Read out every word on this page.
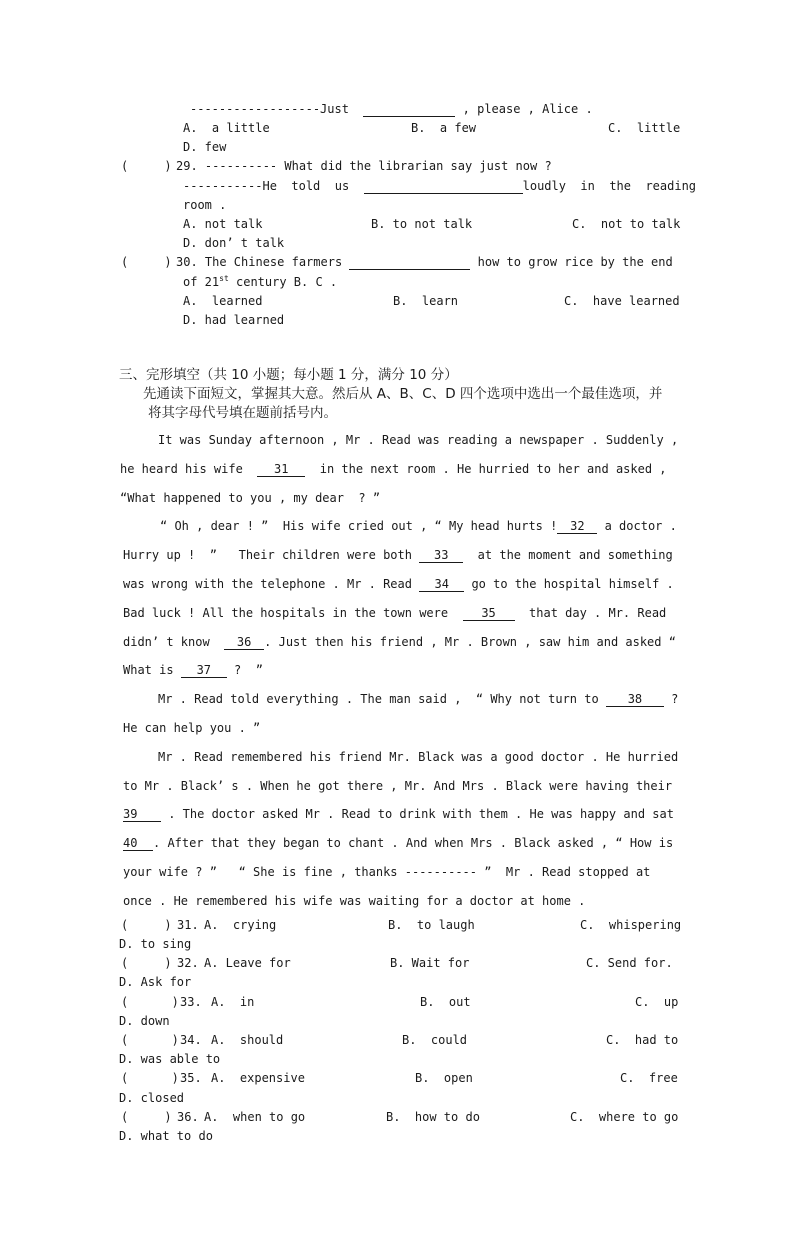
------------------Just	, please , Alice .
A.  a little	B.  a few	C.  little
D. few
(     ) 29. ---------- What did the librarian say just now ?
-----------He  told  us	loudly  in  the  reading
room .
A. not talk	B. to not talk	C.  not to talk
D. don’ t talk
(     ) 30. The Chinese farmers	how to grow rice by the end
of 21st century B. C .
A.  learned	B.  learn	C.  have learned
D. had learned
三、完形填空（共 10 小题；每小题 1 分，满分 10 分）
先通读下面短文，掌握其大意。然后从 A、B、C、D 四个选项中选出一个最佳选项，并
将其字母代号填在题前括号内。
It was Sunday afternoon , Mr . Read was reading a newspaper . Suddenly ,
he heard his wife	31	in the next room . He hurried to her and asked ,
“What happened to you , my dear  ? ”
“ Oh , dear ! ”  His wife cried out , “ My head hurts ! 32 a doctor .
Hurry up !  ”   Their children were both 33 at the moment and something
was wrong with the telephone . Mr . Read 34 go to the hospital himself .
Bad luck ! All the hospitals in the town were	35	that day . Mr. Read
didn’ t know 36 . Just then his friend , Mr . Brown , saw him and asked “
What is 37 ?  ”
Mr . Read told everything . The man said ,  “ Why not turn to 38 ?
He can help you . ”
Mr . Read remembered his friend Mr. Black was a good doctor . He hurried
to Mr . Black’ s . When he got there , Mr. And Mrs . Black were having their
39	. The doctor asked Mr . Read to drink with them . He was happy and sat
40 . After that they began to chant . And when Mrs . Black asked , “ How is
your wife ? ”   “ She is fine , thanks ---------- ”  Mr . Read stopped at
once . He remembered his wife was waiting for a doctor at home .
(     ) 31. A.  crying	B.  to laugh	C.  whispering
D. to sing
(     ) 32. A. Leave for	B. Wait for	C. Send for.
D. Ask for
(      ) 33. A.  in	B.  out	C.  up
D. down
(      ) 34. A.  should	B.  could	C.  had to
D. was able to
(      ) 35. A.  expensive	B.  open	C.  free
D. closed
(     ) 36. A.  when to go	B.  how to do	C.  where to go
D. what to do
